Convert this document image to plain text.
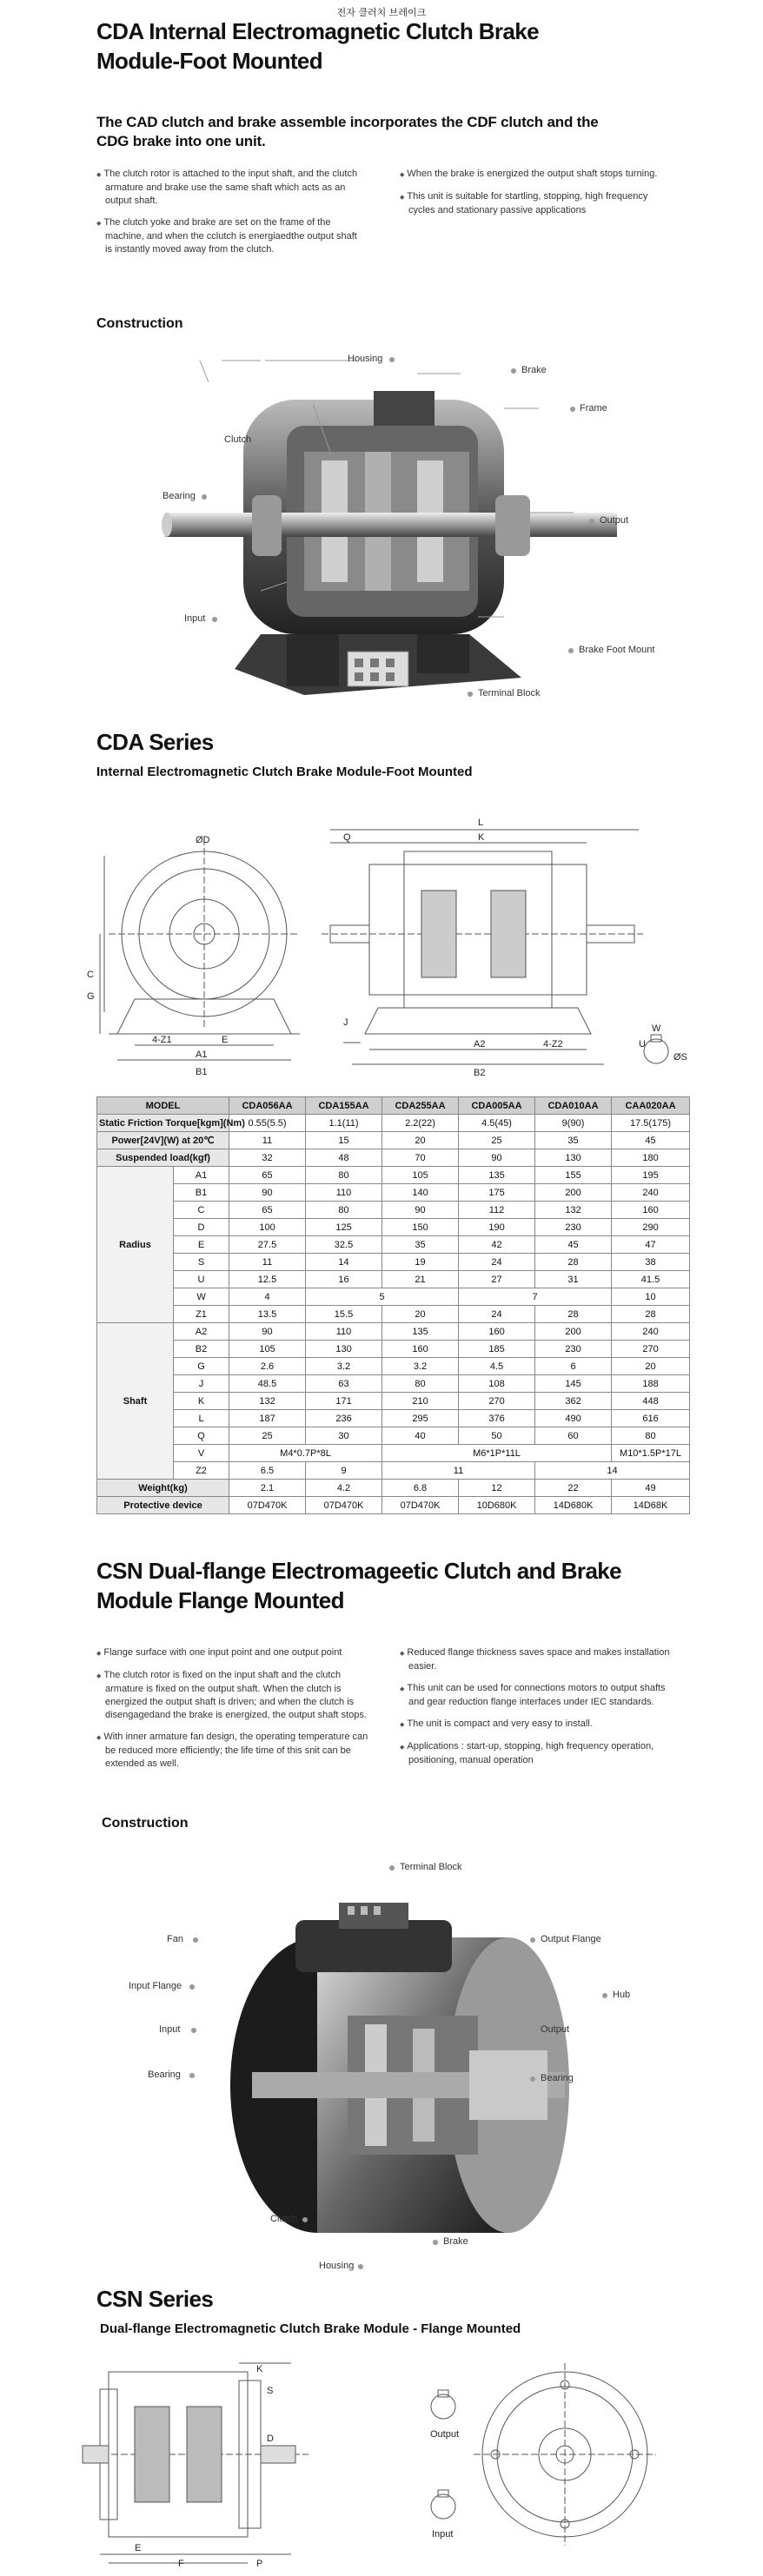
전자 클러치 브레이크
CDA Internal Electromagnetic Clutch Brake
Module-Foot Mounted
The CAD clutch and brake assemble incorporates the CDF clutch and the
CDG brake into one unit.

◆ The clutch rotor is attached to the input shaft, and the clutch armature and brake use the same shaft which acts as an output shaft.

◆ The clutch yoke and brake are set on the frame of the machine, and when the cclutch is energiaedthe output shaft is instantly moved away from the clutch.

◆ When the brake is energized the output shaft stops turning.

◆ This unit is suitable for startling, stopping, high frequency cycles and stationary passive applications

Construction
Housing
Brake
Frame
Clutch
Bearing
Output
Input
Brake Foot Mount
Terminal Block
CDA Series
Internal Electromagnetic Clutch Brake Module-Foot Mounted
ØD
C
G
A1
B1
E
4-Z1
L
Q	K
J
A2
B2
4-Z2	U
W
ØS
MODEL		CDA056AA	CDA155AA	CDA255AA	CDA005AA	CDA010AA	CAA020AA
Static Friction Torque[kgm](Nm)		0.55(5.5)	1.1(11)	2.2(22)	4.5(45)	9(90)	17.5(175)
Power[24V](W) at 20℃		11	15	20	25	35	45
Suspended load(kgf)		32	48	70	90	130	180
Radius	A1	65	80	105	135	155	195
	B1	90	110	140	175	200	240
	C	65	80	90	112	132	160
	D	100	125	150	190	230	290
	E	27.5	32.5	35	42	45	47
	S	11	14	19	24	28	38
	U	12.5	16	21	27	31	41.5
	W	4	5		7		10
	Z1	13.5	15.5	20	24	28	28
Shaft	A2	90	110	135	160	200	240
	B2	105	130	160	185	230	270
	G	2.6	3.2	3.2	4.5	6	20
	J	48.5	63	80	108	145	188
	K	132	171	210	270	362	448
	L	187	236	295	376	490	616
	Q	25	30	40	50	60	80
	V	M4*0.7P*8L		M6*1P*11L			M10*1.5P*17L
	Z2	6.5	9	11		14	
Weight(kg)		2.1	4.2	6.8	12	22	49
Protective device		07D470K	07D470K	07D470K	10D680K	14D680K	14D68K
CSN Dual-flange Electromageetic Clutch and Brake
Module Flange Mounted

◆ Flange surface with one input point and one output point

◆ The clutch rotor is fixed on the input shaft and the clutch armature is fixed on the output shaft. When the clutch is energized the output shaft is driven; and when the clutch is disengagedand the brake is energized, the output shaft stops.

◆ With inner armature fan design, the operating temperature can be reduced more efficiently; the life time of this snit can be extended as well.

◆ Reduced flange thickness saves space and makes installation easier.

◆ This unit can be used for connections motors to output shafts and gear reduction flange interfaces under IEC standards.

◆ The unit is compact and very easy to install.

◆ Applications : start-up, stopping, high frequency operation, positioning, manual operation

Construction
Terminal Block
Fan	Output Flange
Input Flange
Hub
Input	Output
Bearing	Bearing
Clutch
Brake
Housing
CSN Series
Dual-flange Electromagnetic Clutch Brake Module - Flange Mounted
Output
Input
K
S
D
E
F	P
